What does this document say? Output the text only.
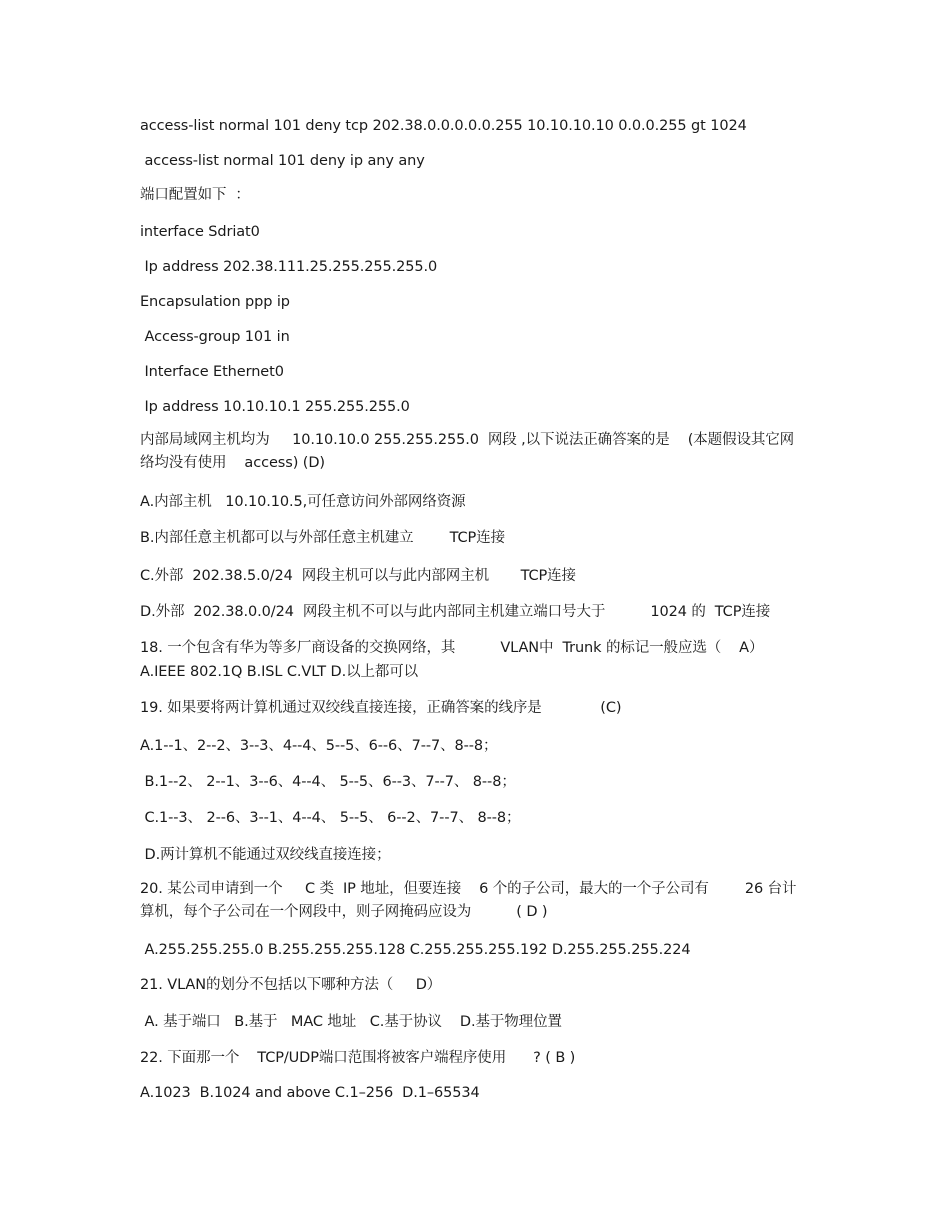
access-list normal 101 deny tcp 202.38.0.0.0.0.0.255 10.10.10.10 0.0.0.255 gt 1024
access-list normal 101 deny ip any any
端口配置如下  ：
interface Sdriat0
Ip address 202.38.111.25.255.255.255.0
Encapsulation ppp ip
Access-group 101 in
Interface Ethernet0
Ip address 10.10.10.1 255.255.255.0
内部局域网主机均为     10.10.10.0 255.255.255.0  网段 ,以下说法正确答案的是    (本题假设其它网络均没有使用    access) (D)
A.内部主机   10.10.10.5,可任意访问外部网络资源
B.内部任意主机都可以与外部任意主机建立        TCP连接
C.外部  202.38.5.0/24  网段主机可以与此内部网主机       TCP连接
D.外部  202.38.0.0/24  网段主机不可以与此内部同主机建立端口号大于          1024 的  TCP连接
18. 一个包含有华为等多厂商设备的交换网络，其          VLAN中  Trunk 的标记一般应选（    A）
A.IEEE 802.1Q B.ISL C.VLT D.以上都可以
19. 如果要将两计算机通过双绞线直接连接，正确答案的线序是             (C)
A.1--1、2--2、3--3、4--4、5--5、6--6、7--7、8--8；
B.1--2、 2--1、3--6、4--4、 5--5、6--3、7--7、 8--8；
C.1--3、 2--6、3--1、4--4、 5--5、 6--2、7--7、 8--8；
D.两计算机不能通过双绞线直接连接；
20. 某公司申请到一个     C 类  IP 地址，但要连接    6 个的子公司，最大的一个子公司有        26 台计算机，每个子公司在一个网段中，则子网掩码应设为          ( D )
A.255.255.255.0 B.255.255.255.128 C.255.255.255.192 D.255.255.255.224
21. VLAN的划分不包括以下哪种方法（     D）
A. 基于端口   B.基于   MAC 地址   C.基于协议    D.基于物理位置
22. 下面那一个    TCP/UDP端口范围将被客户端程序使用      ? ( B )
A.1023  B.1024 and above C.1–256  D.1–65534
